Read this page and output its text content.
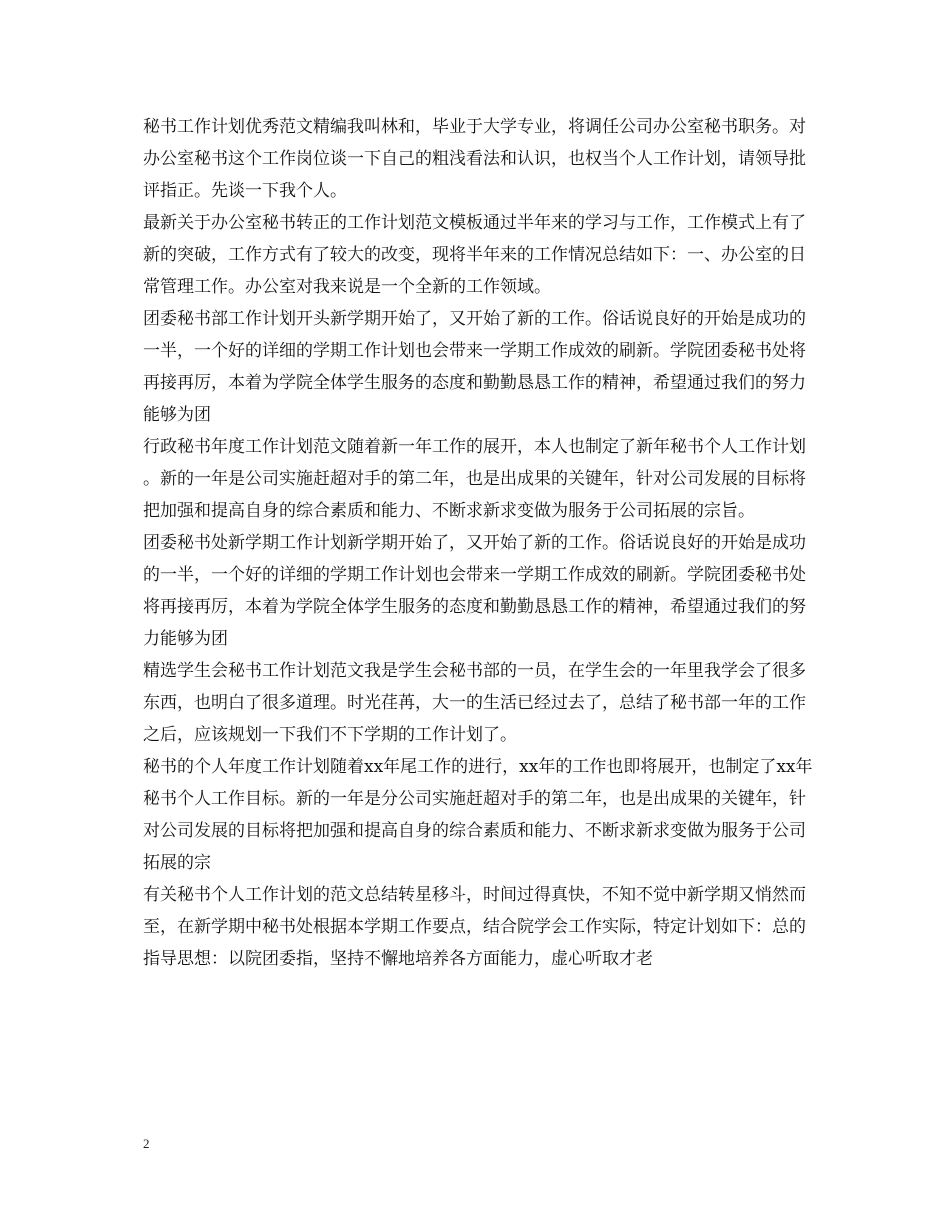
秘书工作计划优秀范文精编我叫林和，毕业于大学专业，将调任公司办公室秘书职务。对办公室秘书这个工作岗位谈一下自己的粗浅看法和认识，也权当个人工作计划，请领导批评指正。先谈一下我个人。

最新关于办公室秘书转正的工作计划范文模板通过半年来的学习与工作，工作模式上有了新的突破，工作方式有了较大的改变，现将半年来的工作情况总结如下：一、办公室的日常管理工作。办公室对我来说是一个全新的工作领域。

团委秘书部工作计划开头新学期开始了，又开始了新的工作。俗话说良好的开始是成功的一半，一个好的详细的学期工作计划也会带来一学期工作成效的刷新。学院团委秘书处将再接再厉，本着为学院全体学生服务的态度和勤勤恳恳工作的精神，希望通过我们的努力能够为团

行政秘书年度工作计划范文随着新一年工作的展开，本人也制定了新年秘书个人工作计划 。新的一年是公司实施赶超对手的第二年，也是出成果的关键年，针对公司发展的目标将把加强和提高自身的综合素质和能力、不断求新求变做为服务于公司拓展的宗旨。

团委秘书处新学期工作计划新学期开始了，又开始了新的工作。俗话说良好的开始是成功的一半，一个好的详细的学期工作计划也会带来一学期工作成效的刷新。学院团委秘书处将再接再厉，本着为学院全体学生服务的态度和勤勤恳恳工作的精神，希望通过我们的努力能够为团

精选学生会秘书工作计划范文我是学生会秘书部的一员，在学生会的一年里我学会了很多东西，也明白了很多道理。时光荏苒，大一的生活已经过去了，总结了秘书部一年的工作之后，应该规划一下我们不下学期的工作计划了。

秘书的个人年度工作计划随着xx年尾工作的进行，xx年的工作也即将展开，也制定了xx年秘书个人工作目标。新的一年是分公司实施赶超对手的第二年，也是出成果的关键年，针对公司发展的目标将把加强和提高自身的综合素质和能力、不断求新求变做为服务于公司拓展的宗

有关秘书个人工作计划的范文总结转星移斗，时间过得真快，不知不觉中新学期又悄然而至，在新学期中秘书处根据本学期工作要点，结合院学会工作实际，特定计划如下：总的指导思想：以院团委指，坚持不懈地培养各方面能力，虚心听取才老

2
